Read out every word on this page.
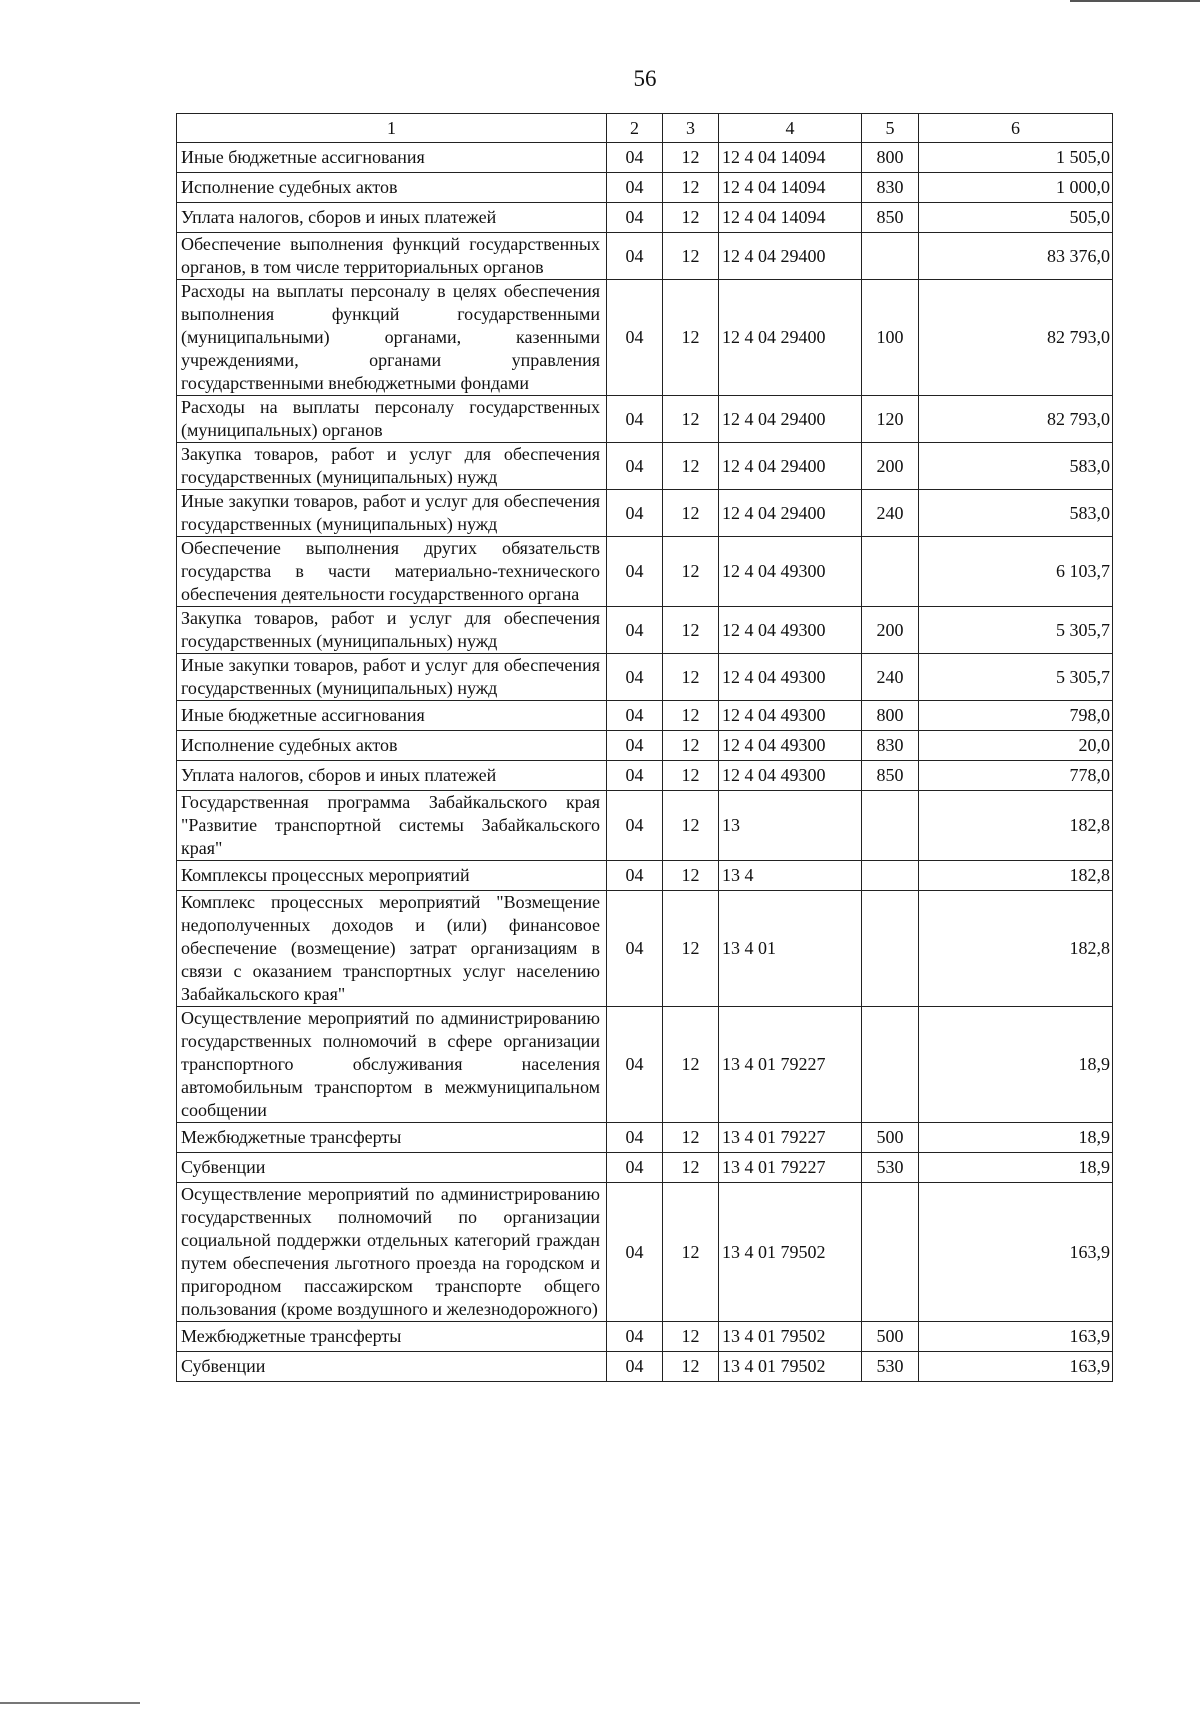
56
1	2	3	4	5	6
Иные бюджетные ассигнования	04	12	12 4 04 14094	800	1 505,0
Исполнение судебных актов	04	12	12 4 04 14094	830	1 000,0
Уплата налогов, сборов и иных платежей	04	12	12 4 04 14094	850	505,0
Обеспечение выполнения функций государственных органов, в том числе территориальных органов	04	12	12 4 04 29400		83 376,0
Расходы на выплаты персоналу в целях обеспечения выполнения функций государственными (муниципальными) органами, казенными учреждениями, органами управления государственными внебюджетными фондами	04	12	12 4 04 29400	100	82 793,0
Расходы на выплаты персоналу государственных (муниципальных) органов	04	12	12 4 04 29400	120	82 793,0
Закупка товаров, работ и услуг для обеспечения государственных (муниципальных) нужд	04	12	12 4 04 29400	200	583,0
Иные закупки товаров, работ и услуг для обеспечения государственных (муниципальных) нужд	04	12	12 4 04 29400	240	583,0
Обеспечение выполнения других обязательств государства в части материально-технического обеспечения деятельности государственного органа	04	12	12 4 04 49300		6 103,7
Закупка товаров, работ и услуг для обеспечения государственных (муниципальных) нужд	04	12	12 4 04 49300	200	5 305,7
Иные закупки товаров, работ и услуг для обеспечения государственных (муниципальных) нужд	04	12	12 4 04 49300	240	5 305,7
Иные бюджетные ассигнования	04	12	12 4 04 49300	800	798,0
Исполнение судебных актов	04	12	12 4 04 49300	830	20,0
Уплата налогов, сборов и иных платежей	04	12	12 4 04 49300	850	778,0
Государственная программа Забайкальского края "Развитие транспортной системы Забайкальского края"	04	12	13		182,8
Комплексы процессных мероприятий	04	12	13 4		182,8
Комплекс процессных мероприятий "Возмещение недополученных доходов и (или) финансовое обеспечение (возмещение) затрат организациям в связи с оказанием транспортных услуг населению Забайкальского края"	04	12	13 4 01		182,8
Осуществление мероприятий по администрированию государственных полномочий в сфере организации транспортного обслуживания населения автомобильным транспортом в межмуниципальном сообщении	04	12	13 4 01 79227		18,9
Межбюджетные трансферты	04	12	13 4 01 79227	500	18,9
Субвенции	04	12	13 4 01 79227	530	18,9
Осуществление мероприятий по администрированию государственных полномочий по организации социальной поддержки отдельных категорий граждан путем обеспечения льготного проезда на городском и пригородном пассажирском транспорте общего пользования (кроме воздушного и железнодорожного)	04	12	13 4 01 79502		163,9
Межбюджетные трансферты	04	12	13 4 01 79502	500	163,9
Субвенции	04	12	13 4 01 79502	530	163,9
